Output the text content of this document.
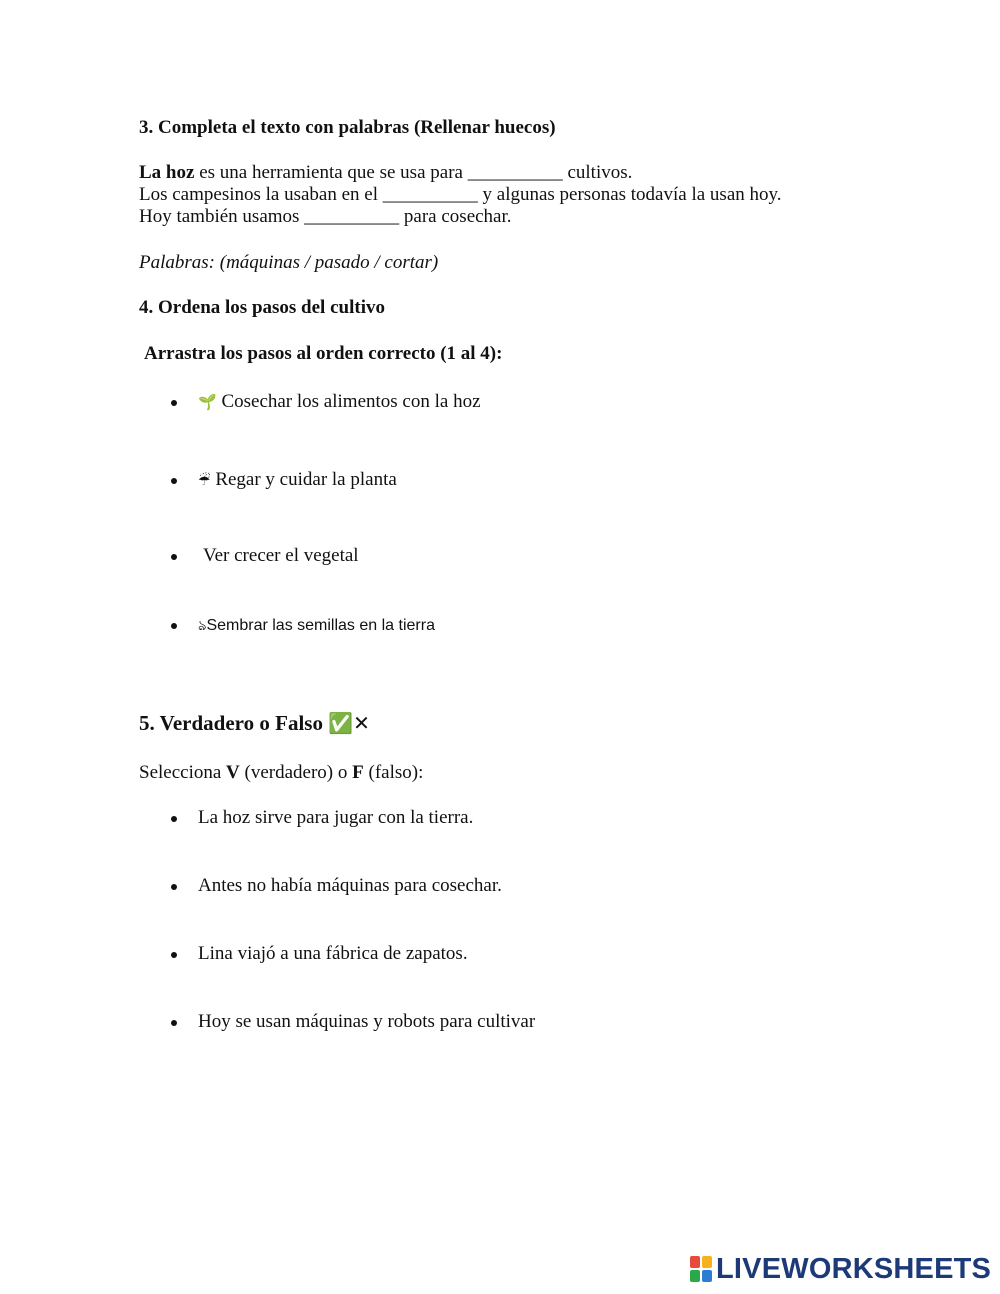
3. Completa el texto con palabras (Rellenar huecos)
La hoz es una herramienta que se usa para __________ cultivos.
Los campesinos la usaban en el __________ y algunas personas todavía la usan hoy.
Hoy también usamos __________ para cosechar.
Palabras: (máquinas / pasado / cortar)
4. Ordena los pasos del cultivo
Arrastra los pasos al orden correcto (1 al 4):
🌱 Cosechar los alimentos con la hoz
☔ Regar y cuidar la planta
Ver crecer el vegetal
ঌSembrar las semillas en la tierra
5. Verdadero o Falso ✅✕
Selecciona V (verdadero) o F (falso):
La hoz sirve para jugar con la tierra.
Antes no había máquinas para cosechar.
Lina viajó a una fábrica de zapatos.
Hoy se usan máquinas y robots para cultivar
LIVEWORKSHEETS
